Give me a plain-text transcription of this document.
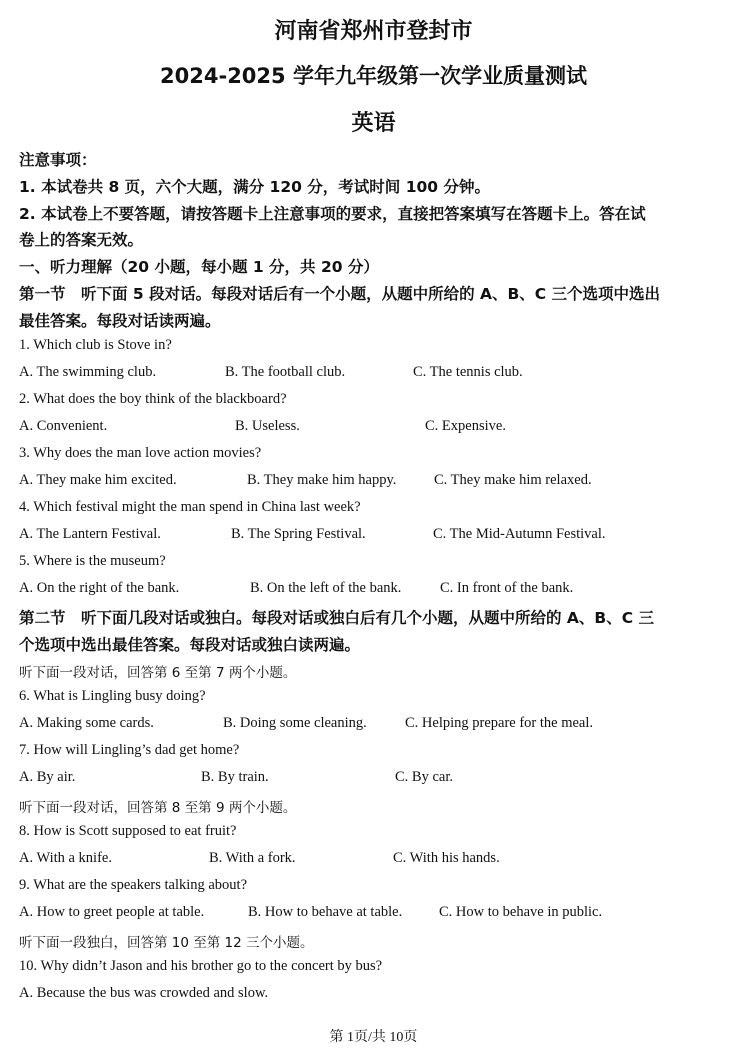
河南省郑州市登封市
2024-2025 学年九年级第一次学业质量测试
英语
注意事项：
1. 本试卷共 8 页，六个大题，满分 120 分，考试时间 100 分钟。
2. 本试卷上不要答题，请按答题卡上注意事项的要求，直接把答案填写在答题卡上。答在试
卷上的答案无效。
一、听力理解（20 小题，每小题 1 分，共 20 分）
第一节　听下面 5 段对话。每段对话后有一个小题，从题中所给的 A、B、C 三个选项中选出
最佳答案。每段对话读两遍。
1. Which club is Stove in?
A. The swimming club.	B. The football club.	C. The tennis club.
2. What does the boy think of the blackboard?
A. Convenient.	B. Useless.	C. Expensive.
3. Why does the man love action movies?
A. They make him excited.	B. They make him happy.	C. They make him relaxed.
4. Which festival might the man spend in China last week?
A. The Lantern Festival.	B. The Spring Festival.	C. The Mid-Autumn Festival.
5. Where is the museum?
A. On the right of the bank.	B. On the left of the bank.	C. In front of the bank.
第二节　听下面几段对话或独白。每段对话或独白后有几个小题，从题中所给的 A、B、C 三
个选项中选出最佳答案。每段对话或独白读两遍。
听下面一段对话，回答第 6 至第 7 两个小题。
6. What is Lingling busy doing?
A. Making some cards.	B. Doing some cleaning.	C. Helping prepare for the meal.
7. How will Lingling’s dad get home?
A. By air.	B. By train.	C. By car.
听下面一段对话，回答第 8 至第 9 两个小题。
8. How is Scott supposed to eat fruit?
A. With a knife.	B. With a fork.	C. With his hands.
9. What are the speakers talking about?
A. How to greet people at table.	B. How to behave at table.	C. How to behave in public.
听下面一段独白，回答第 10 至第 12 三个小题。
10. Why didn’t Jason and his brother go to the concert by bus?
A. Because the bus was crowded and slow.
第 1页/共 10页
